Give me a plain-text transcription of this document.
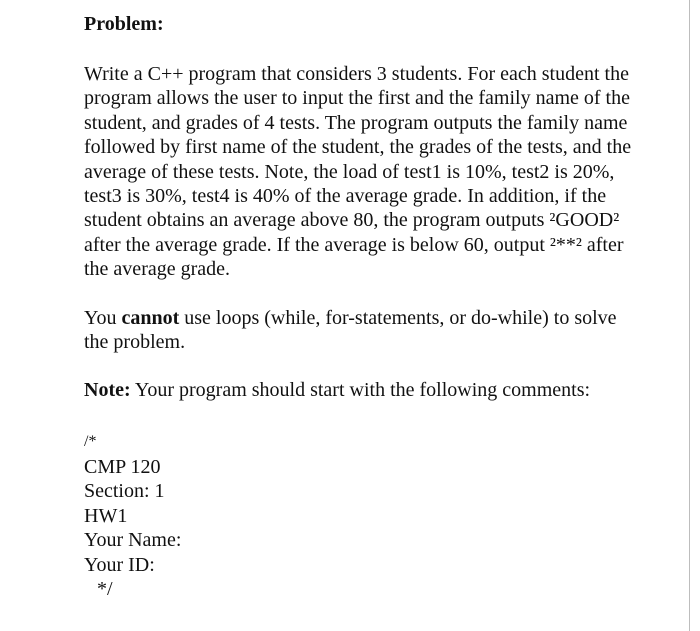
Problem:

Write a C++ program that considers 3 students. For each student the program allows the user to input the first and the family name of the student, and grades of 4 tests. The program outputs the family name followed by first name of the student, the grades of the tests, and the average of these tests. Note, the load of test1 is 10%, test2 is 20%, test3 is 30%, test4 is 40% of the average grade. In addition, if the student obtains an average above 80, the program outputs ²GOOD² after the average grade. If the average is below 60, output ²**² after the average grade.

You cannot use loops (while, for-statements, or do-while) to solve the problem.

Note: Your program should start with the following comments:

/*

CMP 120

Section: 1

HW1

Your Name:

Your ID:

*/
